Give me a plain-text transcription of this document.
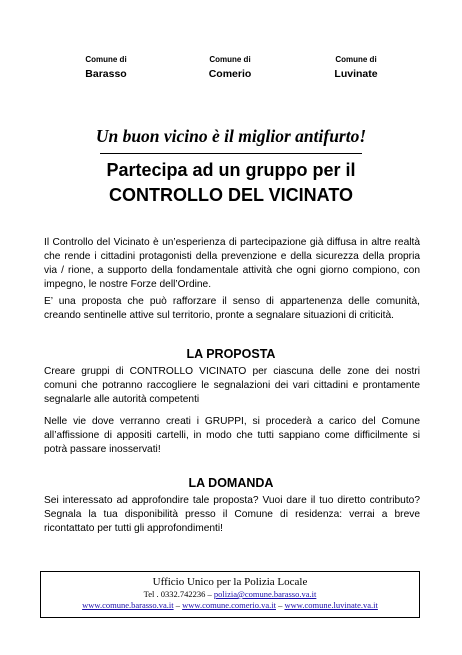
Comune di
Barasso
Comune di
Comerio
Comune di
Luvinate
Un buon vicino è il miglior antifurto!
Partecipa ad un gruppo per il
CONTROLLO DEL VICINATO
Il Controllo del Vicinato è un’esperienza di partecipazione già diffusa in altre realtà che rende i cittadini protagonisti della prevenzione e della sicurezza della propria via / rione, a supporto della fondamentale attività che ogni giorno compiono, con impegno, le nostre Forze dell’Ordine.
E’ una proposta che può rafforzare il senso di appartenenza delle comunità, creando sentinelle attive sul territorio, pronte a segnalare situazioni di criticità.
LA PROPOSTA
Creare gruppi di CONTROLLO VICINATO per ciascuna delle zone dei nostri comuni che potranno raccogliere le segnalazioni dei vari cittadini e prontamente segnalarle alle autorità competenti
Nelle vie dove verranno creati i GRUPPI, si procederà a carico del Comune all’affissione di appositi cartelli, in modo che tutti sappiano come difficilmente si potrà passare inosservati!
LA DOMANDA
Sei interessato ad approfondire tale proposta? Vuoi dare il tuo diretto contributo? Segnala la tua disponibilità presso il Comune di residenza: verrai a breve ricontattato per tutti gli approfondimenti!
Ufficio Unico per la Polizia Locale
Tel . 0332.742236 – polizia@comune.barasso.va.it
www.comune.barasso.va.it – www.comune.comerio.va.it – www.comune.luvinate.va.it
